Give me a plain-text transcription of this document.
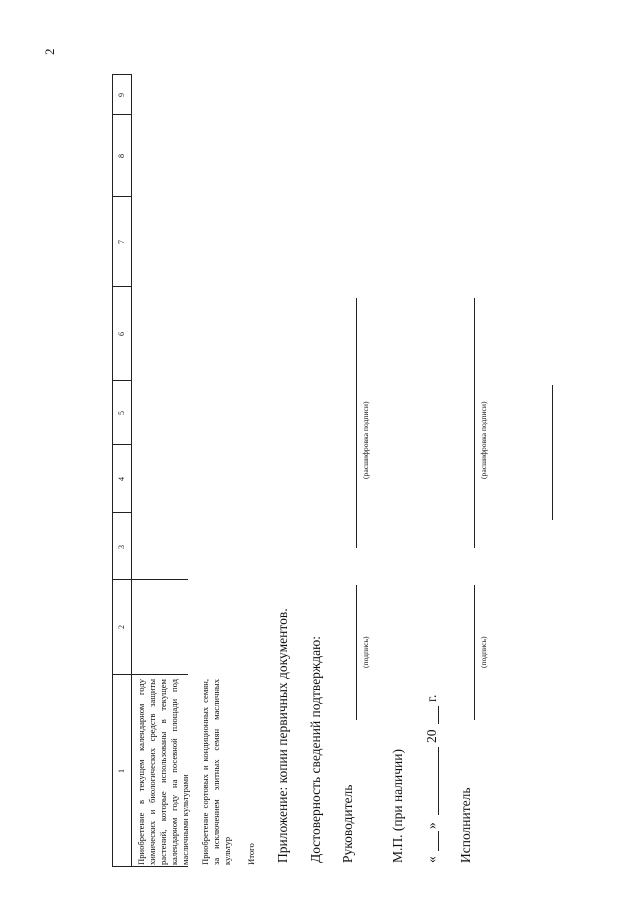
2
1
2
3
4
5
6
7
8
9
Приобретение в текущем календарном году химических и биологических средств защиты растений, которые использованы в текущем календарном году на посевной площади под масличными культурами Приобретение сортовых и кондиционных семян, за исключением элитных семян масличных культур Итого Приложение: копии первичных документов. Достоверность сведений подтверждаю: Руководитель
(подпись)
(расшифровка подписи)
М.П. (при наличии) «
»
20
г.
Исполнитель
(подпись)
(расшифровка подписи)
